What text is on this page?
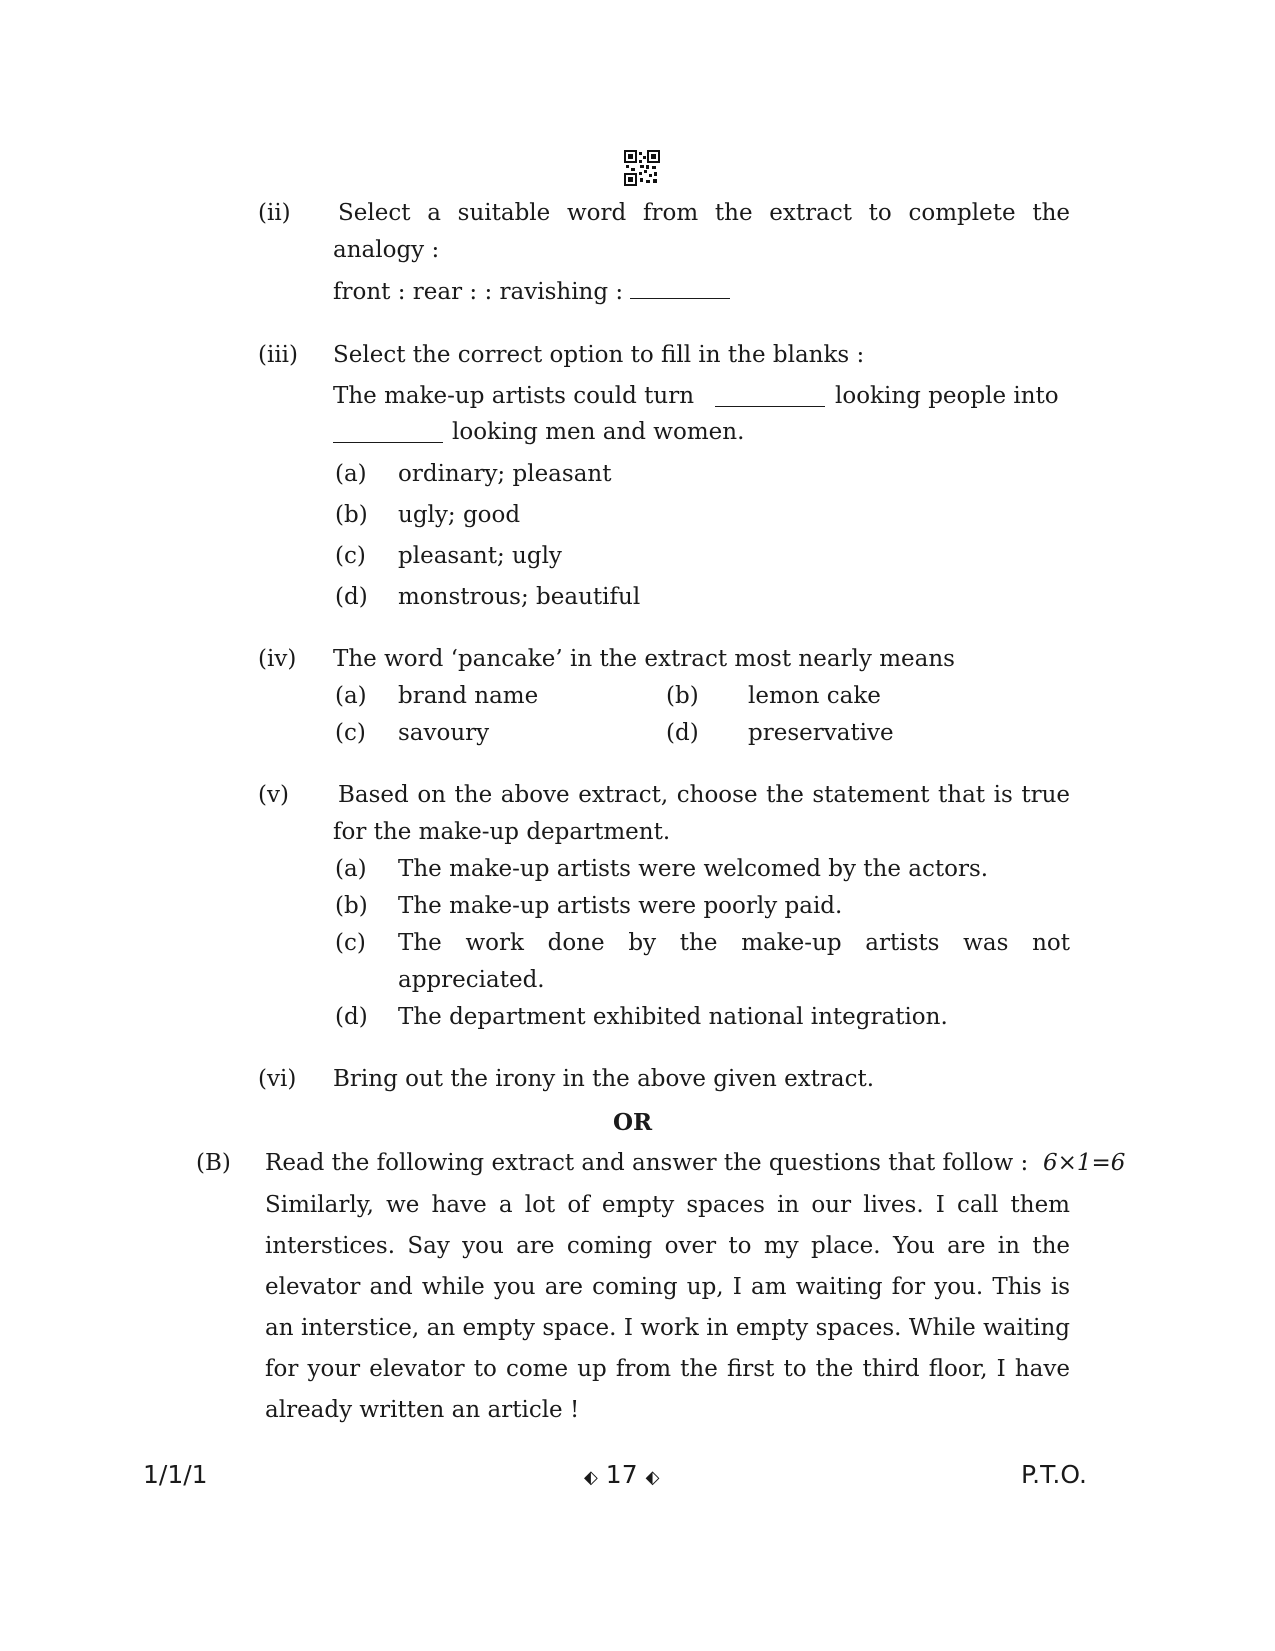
(ii) Select a suitable word from the extract to complete the
analogy :
front : rear : : ravishing :
(iii) Select the correct option to fill in the blanks :
The make-up artists could turn	looking people into
looking men and women.
(a) ordinary; pleasant
(b) ugly; good
(c) pleasant; ugly
(d) monstrous; beautiful
(iv) The word ‘pancake’ in the extract most nearly means
(a) brand name	(b) lemon cake
(c) savoury	(d) preservative
(v) Based on the above extract, choose the statement that is true
for the make-up department.
(a) The make-up artists were welcomed by the actors.
(b) The make-up artists were poorly paid.
(c) The work done by the make-up artists was not
appreciated.
(d) The department exhibited national integration.
(vi) Bring out the irony in the above given extract.
OR
(B) Read the following extract and answer the questions that follow : 6×1=6
Similarly, we have a lot of empty spaces in our lives. I call them
interstices. Say you are coming over to my place. You are in the
elevator and while you are coming up, I am waiting for you. This is
an interstice, an empty space. I work in empty spaces. While waiting
for your elevator to come up from the first to the third floor, I have
already written an article !
1/1/1	⬖ 17 ⬖	P.T.O.
